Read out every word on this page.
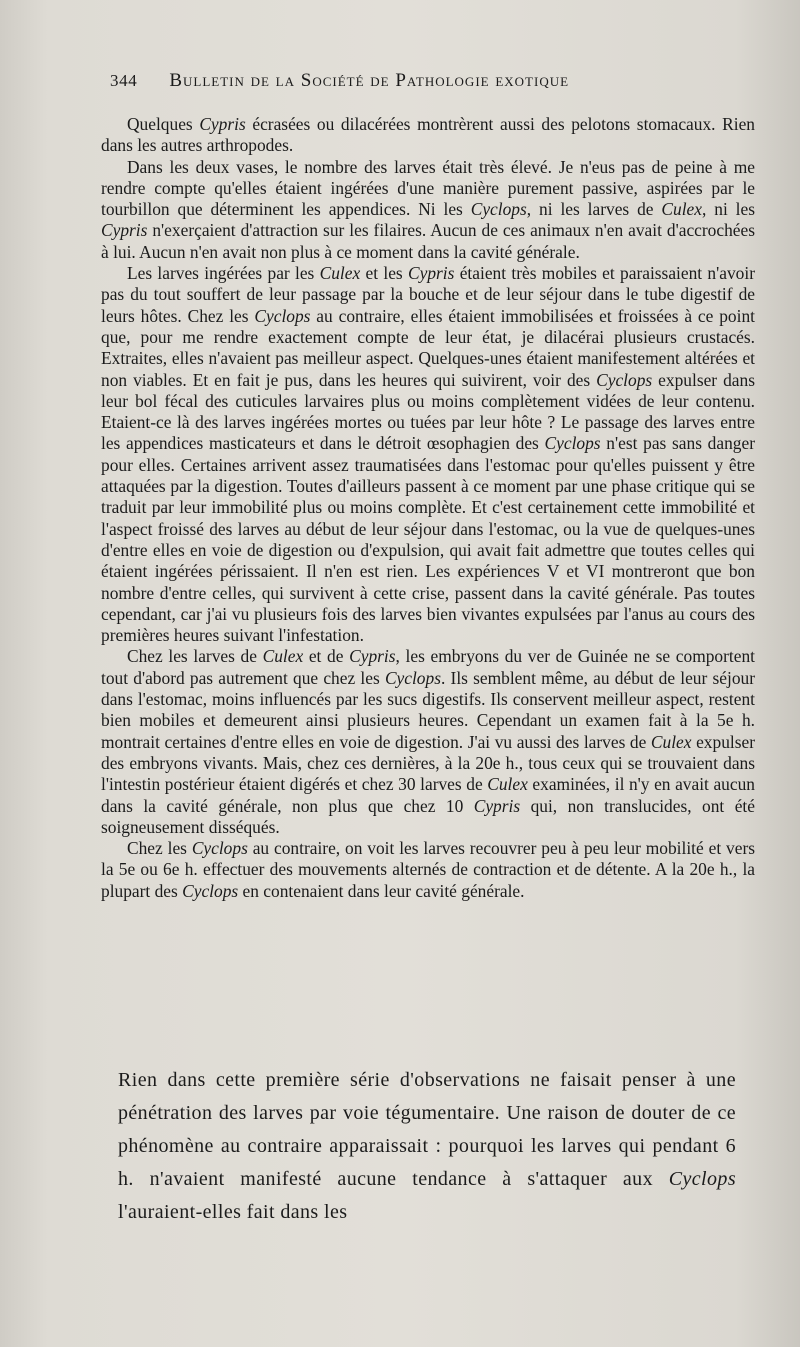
344 Bulletin de la Société de Pathologie exotique

Quelques Cypris écrasées ou dilacérées montrèrent aussi des pelotons stomacaux. Rien dans les autres arthropodes.

Dans les deux vases, le nombre des larves était très élevé. Je n'eus pas de peine à me rendre compte qu'elles étaient ingérées d'une manière purement passive, aspirées par le tourbillon que déterminent les appendices. Ni les Cyclops, ni les larves de Culex, ni les Cypris n'exerçaient d'attraction sur les filaires. Aucun de ces animaux n'en avait d'accrochées à lui. Aucun n'en avait non plus à ce moment dans la cavité générale.

Les larves ingérées par les Culex et les Cypris étaient très mobiles et paraissaient n'avoir pas du tout souffert de leur passage par la bouche et de leur séjour dans le tube digestif de leurs hôtes. Chez les Cyclops au contraire, elles étaient immobilisées et froissées à ce point que, pour me rendre exactement compte de leur état, je dilacérai plusieurs crustacés. Extraites, elles n'avaient pas meilleur aspect. Quelques-unes étaient manifestement altérées et non viables. Et en fait je pus, dans les heures qui suivirent, voir des Cyclops expulser dans leur bol fécal des cuticules larvaires plus ou moins complètement vidées de leur contenu. Etaient-ce là des larves ingérées mortes ou tuées par leur hôte ? Le passage des larves entre les appendices masticateurs et dans le détroit œsophagien des Cyclops n'est pas sans danger pour elles. Certaines arrivent assez traumatisées dans l'estomac pour qu'elles puissent y être attaquées par la digestion. Toutes d'ailleurs passent à ce moment par une phase critique qui se traduit par leur immobilité plus ou moins complète. Et c'est certainement cette immobilité et l'aspect froissé des larves au début de leur séjour dans l'estomac, ou la vue de quelques-unes d'entre elles en voie de digestion ou d'expulsion, qui avait fait admettre que toutes celles qui étaient ingérées périssaient. Il n'en est rien. Les expériences V et VI montreront que bon nombre d'entre celles, qui survivent à cette crise, passent dans la cavité générale. Pas toutes cependant, car j'ai vu plusieurs fois des larves bien vivantes expulsées par l'anus au cours des premières heures suivant l'infestation.

Chez les larves de Culex et de Cypris, les embryons du ver de Guinée ne se comportent tout d'abord pas autrement que chez les Cyclops. Ils semblent même, au début de leur séjour dans l'estomac, moins influencés par les sucs digestifs. Ils conservent meilleur aspect, restent bien mobiles et demeurent ainsi plusieurs heures. Cependant un examen fait à la 5e h. montrait certaines d'entre elles en voie de digestion. J'ai vu aussi des larves de Culex expulser des embryons vivants. Mais, chez ces dernières, à la 20e h., tous ceux qui se trouvaient dans l'intestin postérieur étaient digérés et chez 30 larves de Culex examinées, il n'y en avait aucun dans la cavité générale, non plus que chez 10 Cypris qui, non translucides, ont été soigneusement disséqués.

Chez les Cyclops au contraire, on voit les larves recouvrer peu à peu leur mobilité et vers la 5e ou 6e h. effectuer des mouvements alternés de contraction et de détente. A la 20e h., la plupart des Cyclops en contenaient dans leur cavité générale.

Rien dans cette première série d'observations ne faisait penser à une pénétration des larves par voie tégumentaire. Une raison de douter de ce phénomène au contraire apparaissait : pourquoi les larves qui pendant 6 h. n'avaient manifesté aucune tendance à s'attaquer aux Cyclops l'auraient-elles fait dans les
